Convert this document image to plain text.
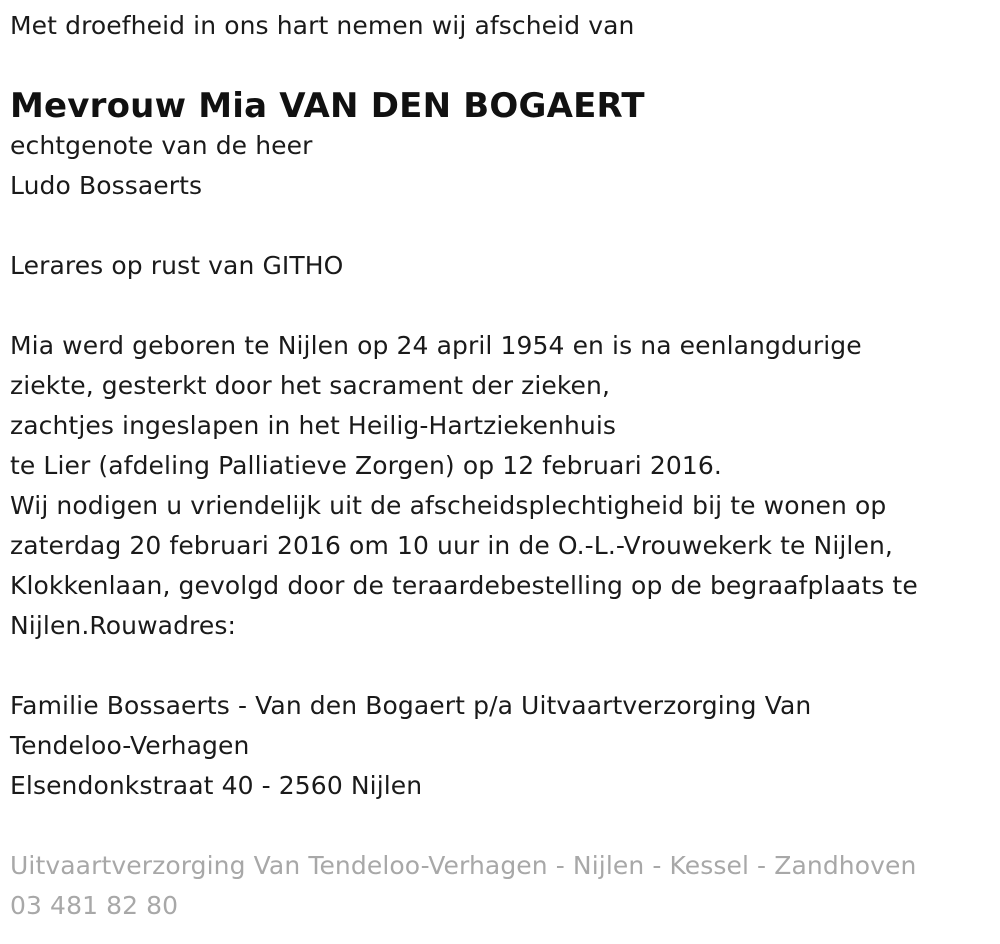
Met droefheid in ons hart nemen wij afscheid van
Mevrouw Mia VAN DEN BOGAERT
echtgenote van de heer
Ludo Bossaerts
Lerares op rust van GITHO
Mia werd geboren te Nijlen op 24 april 1954 en is na eenlangdurige
ziekte, gesterkt door het sacrament der zieken,
zachtjes ingeslapen in het Heilig-Hartziekenhuis
te Lier (afdeling Palliatieve Zorgen) op 12 februari 2016.
Wij nodigen u vriendelijk uit de afscheidsplechtigheid bij te wonen op
zaterdag 20 februari 2016 om 10 uur in de O.-L.-Vrouwekerk te Nijlen,
Klokkenlaan, gevolgd door de teraardebestelling op de begraafplaats te
Nijlen.Rouwadres:
Familie Bossaerts - Van den Bogaert p/a Uitvaartverzorging Van
Tendeloo-Verhagen
Elsendonkstraat 40 - 2560 Nijlen
Uitvaartverzorging Van Tendeloo-Verhagen - Nijlen - Kessel - Zandhoven
03 481 82 80
